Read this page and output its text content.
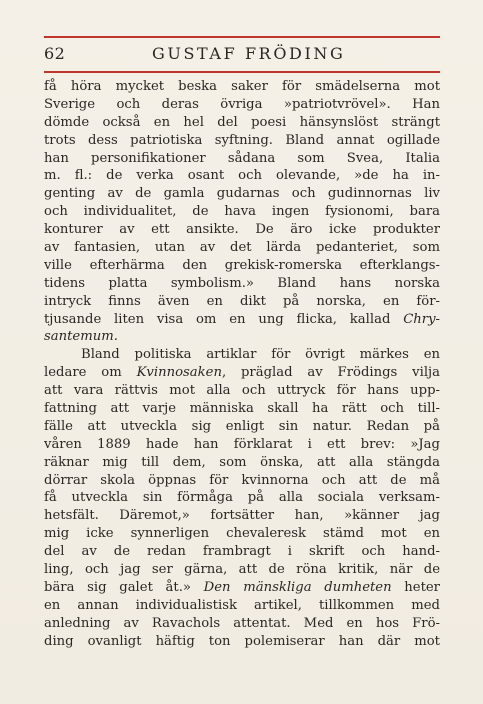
62	GUSTAF FRÖDING
få höra mycket beska saker för smädelserna mot
Sverige och deras övriga »patriotvrövel». Han
dömde också en hel del poesi hänsynslöst strängt
trots dess patriotiska syftning. Bland annat ogillade
han personifikationer sådana som Svea, Italia
m. fl.: de verka osant och olevande, »de ha in-
genting av de gamla gudarnas och gudinnornas liv
och individualitet, de hava ingen fysionomi, bara
konturer av ett ansikte. De äro icke produkter
av fantasien, utan av det lärda pedanteriet, som
ville efterhärma den grekisk-romerska efterklangs-
tidens platta symbolism.» Bland hans norska
intryck finns även en dikt på norska, en för-
tjusande liten visa om en ung flicka, kallad Chry-
santemum.
Bland politiska artiklar för övrigt märkes en
ledare om Kvinnosaken, präglad av Frödings vilja
att vara rättvis mot alla och uttryck för hans upp-
fattning att varje människa skall ha rätt och till-
fälle att utveckla sig enligt sin natur. Redan på
våren 1889 hade han förklarat i ett brev: »Jag
räknar mig till dem, som önska, att alla stängda
dörrar skola öppnas för kvinnorna och att de må
få utveckla sin förmåga på alla sociala verksam-
hetsfält. Däremot,» fortsätter han, »känner jag
mig icke synnerligen chevaleresk stämd mot en
del av de redan frambragt i skrift och hand-
ling, och jag ser gärna, att de röna kritik, när de
bära sig galet åt.» Den mänskliga dumheten heter
en annan individualistisk artikel, tillkommen med
anledning av Ravachols attentat. Med en hos Frö-
ding ovanligt häftig ton polemiserar han där mot
